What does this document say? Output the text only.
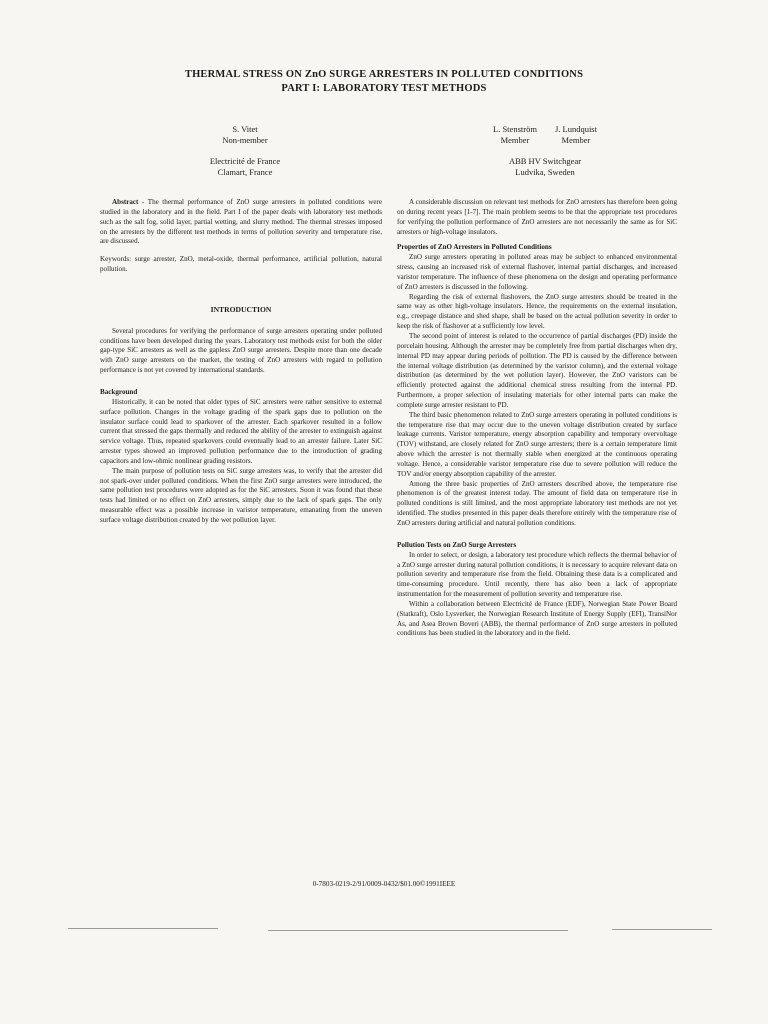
THERMAL STRESS ON ZnO SURGE ARRESTERS IN POLLUTED CONDITIONS
PART I: LABORATORY TEST METHODS
S. Vitet
Non-member
Electricité de France
Clamart, France
L. Stenström
Member
J. Lundquist
Member
ABB HV Switchgear
Ludvika, Sweden

Abstract - The thermal performance of ZnO surge arresters in polluted conditions were studied in the laboratory and in the field. Part I of the paper deals with laboratory test methods such as the salt fog, solid layer, partial wetting, and slurry method. The thermal stresses imposed on the arresters by the different test methods in terms of pollution severity and temperature rise, are discussed.

Keywords: surge arrester, ZnO, metal-oxide, thermal performance, artificial pollution, natural pollution.

INTRODUCTION

Several procedures for verifying the performance of surge arresters operating under polluted conditions have been developed during the years. Laboratory test methods exist for both the older gap-type SiC arresters as well as the gapless ZnO surge arresters. Despite more than one decade with ZnO surge arresters on the market, the testing of ZnO arresters with regard to pollution performance is not yet covered by international standards.

Background

Historically, it can be noted that older types of SiC arresters were rather sensitive to external surface pollution. Changes in the voltage grading of the spark gaps due to pollution on the insulator surface could lead to sparkover of the arrester. Each sparkover resulted in a follow current that stressed the gaps thermally and reduced the ability of the arrester to extinguish against service voltage. Thus, repeated sparkovers could eventually lead to an arrester failure. Later SiC arrester types showed an improved pollution performance due to the introduction of grading capacitors and low-ohmic nonlinear grading resistors.

The main purpose of pollution tests on SiC surge arresters was, to verify that the arrester did not spark-over under polluted conditions. When the first ZnO surge arresters were introduced, the same pollution test procedures were adopted as for the SiC arresters. Soon it was found that these tests had limited or no effect on ZnO arresters, simply due to the lack of spark gaps. The only measurable effect was a possible increase in varistor temperature, emanating from the uneven surface voltage distribution created by the wet pollution layer.

A considerable discussion on relevant test methods for ZnO arresters has therefore been going on during recent years [1-7]. The main problem seems to be that the appropriate test procedures for verifying the pollution performance of ZnO arresters are not necessarily the same as for SiC arresters or high-voltage insulators.

Properties of ZnO Arresters in Polluted Conditions

ZnO surge arresters operating in polluted areas may be subject to enhanced environmental stress, causing an increased risk of external flashover, internal partial discharges, and increased varistor temperature. The influence of these phenomena on the design and operating performance of ZnO arresters is discussed in the following.

Regarding the risk of external flashovers, the ZnO surge arresters should be treated in the same way as other high-voltage insulators. Hence, the requirements on the external insulation, e.g., creepage distance and shed shape, shall be based on the actual pollution severity in order to keep the risk of flashover at a sufficiently low level.

The second point of interest is related to the occurrence of partial discharges (PD) inside the porcelain housing. Although the arrester may be completely free from partial discharges when dry, internal PD may appear during periods of pollution. The PD is caused by the difference between the internal voltage distribution (as determined by the varistor column), and the external voltage distribution (as determined by the wet pollution layer). However, the ZnO varistors can be efficiently protected against the additional chemical stress resulting from the internal PD. Furthermore, a proper selection of insulating materials for other internal parts can make the complete surge arrester resistant to PD.

The third basic phenomenon related to ZnO surge arresters operating in polluted conditions is the temperature rise that may occur due to the uneven voltage distribution created by surface leakage currents. Varistor temperature, energy absorption capability and temporary overvoltage (TOV) withstand, are closely related for ZnO surge arresters; there is a certain temperature limit above which the arrester is not thermally stable when energized at the continuous operating voltage. Hence, a considerable varistor temperature rise due to severe pollution will reduce the TOV and/or energy absorption capability of the arrester.

Among the three basic properties of ZnO arresters described above, the temperature rise phenomenon is of the greatest interest today. The amount of field data on temperature rise in polluted conditions is still limited, and the most appropriate laboratory test methods are not yet identified. The studies presented in this paper deals therefore entirely with the temperature rise of ZnO arresters during artificial and natural pollution conditions.

Pollution Tests on ZnO Surge Arresters

In order to select, or design, a laboratory test procedure which reflects the thermal behavior of a ZnO surge arrester during natural pollution conditions, it is necessary to acquire relevant data on pollution severity and temperature rise from the field. Obtaining these data is a complicated and time-consuming procedure. Until recently, there has also been a lack of appropriate instrumentation for the measurement of pollution severity and temperature rise.

Within a collaboration between Electricité de France (EDF), Norwegian State Power Board (Statkraft), Oslo Lysverker, the Norwegian Research Institute of Energy Supply (EFI), TransiNor As, and Asea Brown Boveri (ABB), the thermal performance of ZnO surge arresters in polluted conditions has been studied in the laboratory and in the field.

0-7803-0219-2/91/0009-0432/$01.00©1991IEEE
